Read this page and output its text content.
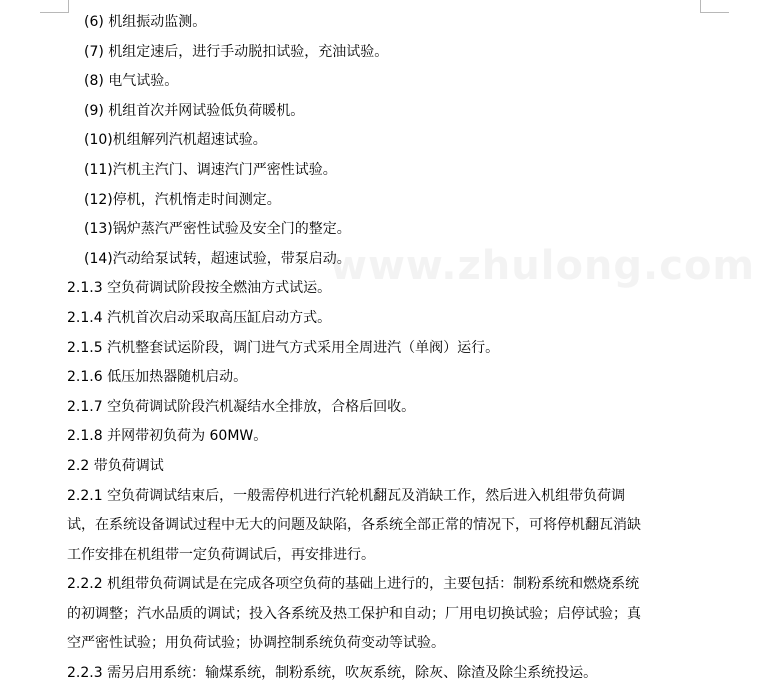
(6) 机组振动监测。
(7) 机组定速后，进行手动脱扣试验，充油试验。
(8) 电气试验。
(9) 机组首次并网试验低负荷暖机。
(10)机组解列汽机超速试验。
(11)汽机主汽门、调速汽门严密性试验。
(12)停机，汽机惰走时间测定。
(13)锅炉蒸汽严密性试验及安全门的整定。
(14)汽动给泵试转，超速试验，带泵启动。
2.1.3 空负荷调试阶段按全燃油方式试运。
2.1.4 汽机首次启动采取高压缸启动方式。
2.1.5 汽机整套试运阶段，调门进气方式采用全周进汽（单阀）运行。
2.1.6 低压加热器随机启动。
2.1.7 空负荷调试阶段汽机凝结水全排放，合格后回收。
2.1.8 并网带初负荷为 60MW。
2.2 带负荷调试
2.2.1 空负荷调试结束后，一般需停机进行汽轮机翻瓦及消缺工作，然后进入机组带负荷调
试，在系统设备调试过程中无大的问题及缺陷，各系统全部正常的情况下，可将停机翻瓦消缺
工作安排在机组带一定负荷调试后，再安排进行。
2.2.2 机组带负荷调试是在完成各项空负荷的基础上进行的，主要包括：制粉系统和燃烧系统
的初调整；汽水品质的调试；投入各系统及热工保护和自动；厂用电切换试验；启停试验；真
空严密性试验；用负荷试验；协调控制系统负荷变动等试验。
2.2.3 需另启用系统：输煤系统，制粉系统，吹灰系统，除灰、除渣及除尘系统投运。
www.zhulong.com
